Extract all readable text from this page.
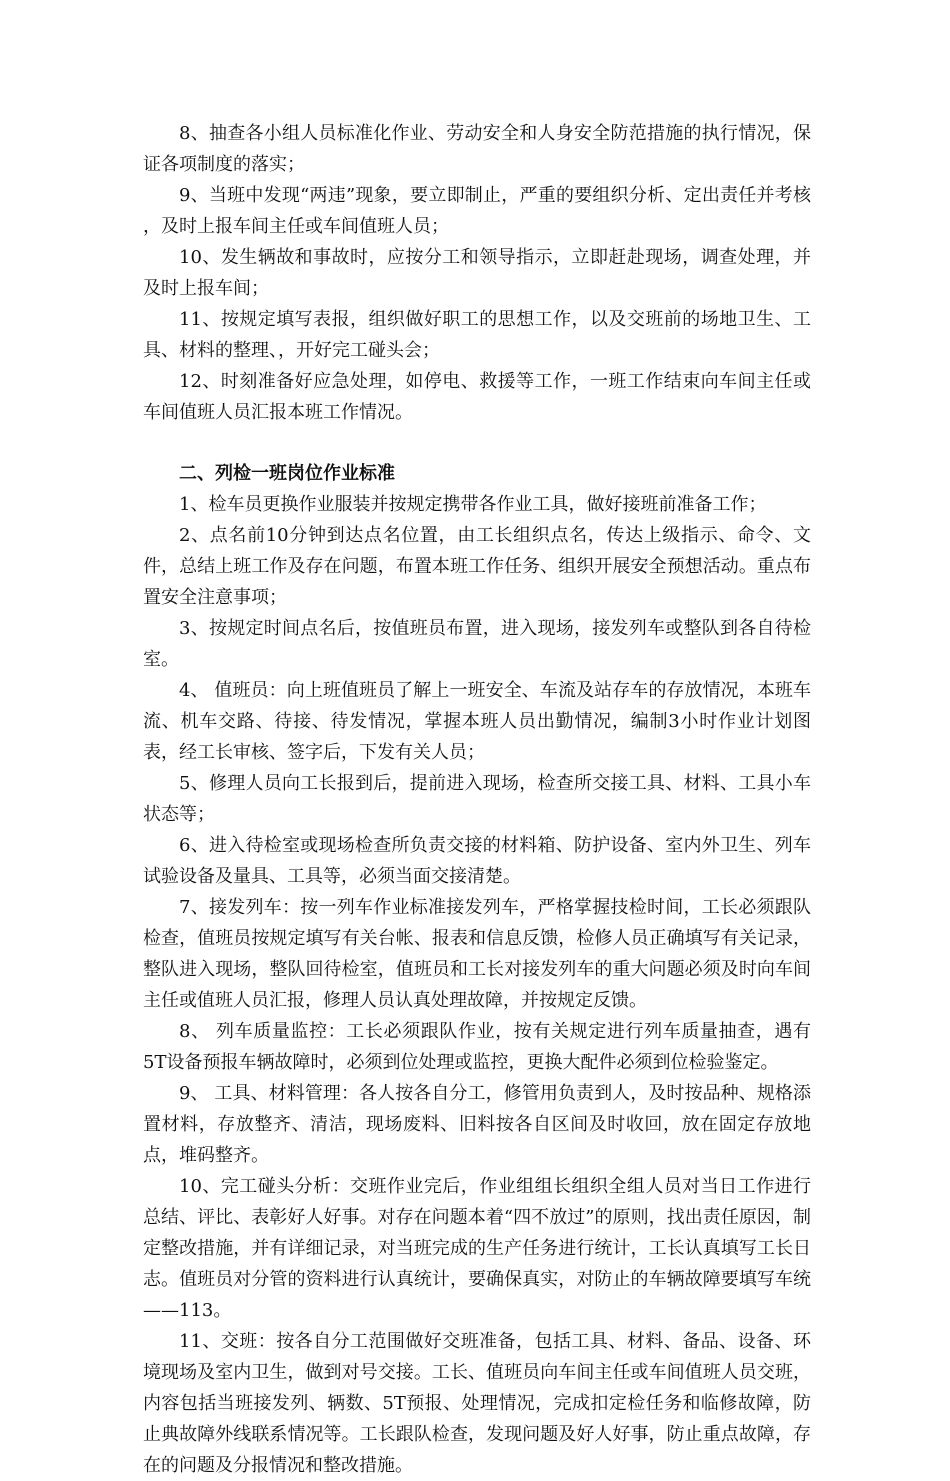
8、抽查各小组人员标准化作业、劳动安全和人身安全防范措施的执行情况，保证各项制度的落实；

9、当班中发现“两违”现象，要立即制止，严重的要组织分析、定出责任并考核 ，及时上报车间主任或车间值班人员；

10、发生辆故和事故时，应按分工和领导指示，立即赶赴现场，调查处理，并及时上报车间；

11、按规定填写表报，组织做好职工的思想工作，以及交班前的场地卫生、工具、材料的整理、，开好完工碰头会；

12、时刻准备好应急处理，如停电、救援等工作，一班工作结束向车间主任或车间值班人员汇报本班工作情况。

二、列检一班岗位作业标准

1、检车员更换作业服装并按规定携带各作业工具，做好接班前准备工作；

2、点名前10分钟到达点名位置，由工长组织点名，传达上级指示、命令、文件，总结上班工作及存在问题，布置本班工作任务、组织开展安全预想活动。重点布置安全注意事项；

3、按规定时间点名后，按值班员布置，进入现场，接发列车或整队到各自待检室。

4、 值班员：向上班值班员了解上一班安全、车流及站存车的存放情况，本班车流、机车交路、待接、待发情况，掌握本班人员出勤情况，编制3小时作业计划图表，经工长审核、签字后，下发有关人员；

5、修理人员向工长报到后，提前进入现场，检查所交接工具、材料、工具小车状态等；

6、进入待检室或现场检查所负责交接的材料箱、防护设备、室内外卫生、列车试验设备及量具、工具等，必须当面交接清楚。

7、接发列车：按一列车作业标准接发列车，严格掌握技检时间，工长必须跟队检查，值班员按规定填写有关台帐、报表和信息反馈，检修人员正确填写有关记录，整队进入现场，整队回待检室，值班员和工长对接发列车的重大问题必须及时向车间主任或值班人员汇报，修理人员认真处理故障，并按规定反馈。

8、 列车质量监控：工长必须跟队作业，按有关规定进行列车质量抽查，遇有5T设备预报车辆故障时，必须到位处理或监控，更换大配件必须到位检验鉴定。

9、 工具、材料管理：各人按各自分工，修管用负责到人，及时按品种、规格添置材料，存放整齐、清洁，现场废料、旧料按各自区间及时收回，放在固定存放地点，堆码整齐。

10、完工碰头分析：交班作业完后，作业组组长组织全组人员对当日工作进行总结、评比、表彰好人好事。对存在问题本着“四不放过”的原则，找出责任原因，制定整改措施，并有详细记录，对当班完成的生产任务进行统计，工长认真填写工长日志。值班员对分管的资料进行认真统计，要确保真实，对防止的车辆故障要填写车统——113。

11、交班：按各自分工范围做好交班准备，包括工具、材料、备品、设备、环境现场及室内卫生，做到对号交接。工长、值班员向车间主任或车间值班人员交班，内容包括当班接发列、辆数、5T预报、处理情况，完成扣定检任务和临修故障，防止典故障外线联系情况等。工长跟队检查，发现问题及好人好事，防止重点故障，存在的问题及分报情况和整改措施。
